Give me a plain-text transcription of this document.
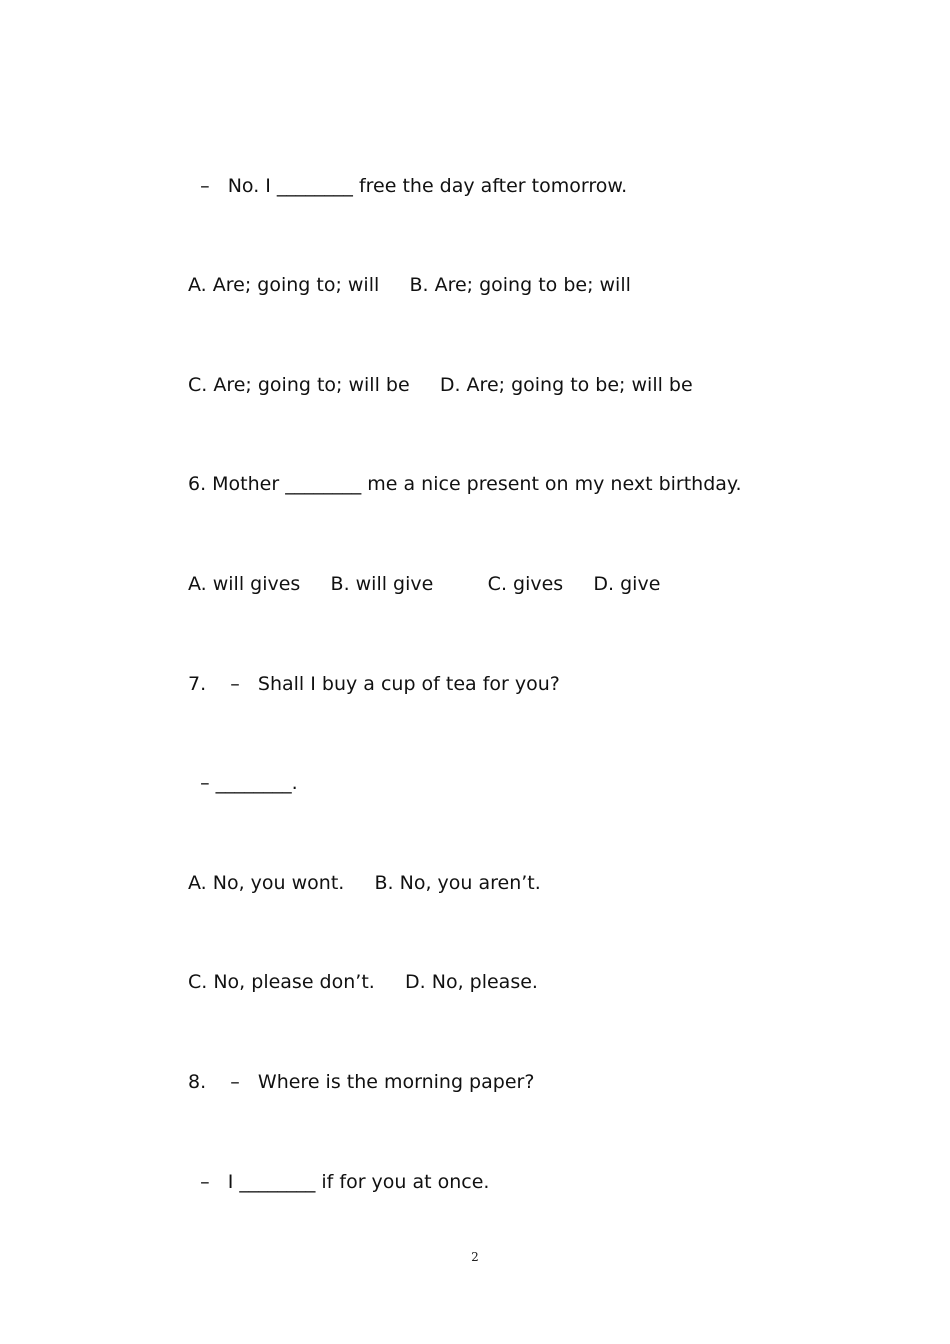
–   No. I ________ free the day after tomorrow.

A. Are; going to; will     B. Are; going to be; will

C. Are; going to; will be     D. Are; going to be; will be

6. Mother ________ me a nice present on my next birthday.

A. will gives     B. will give         C. gives     D. give

7.    –   Shall I buy a cup of tea for you?

– ________.

A. No, you wont.     B. No, you aren’t.

C. No, please don’t.     D. No, please.

8.    –   Where is the morning paper?

–   I ________ if for you at once.

2
